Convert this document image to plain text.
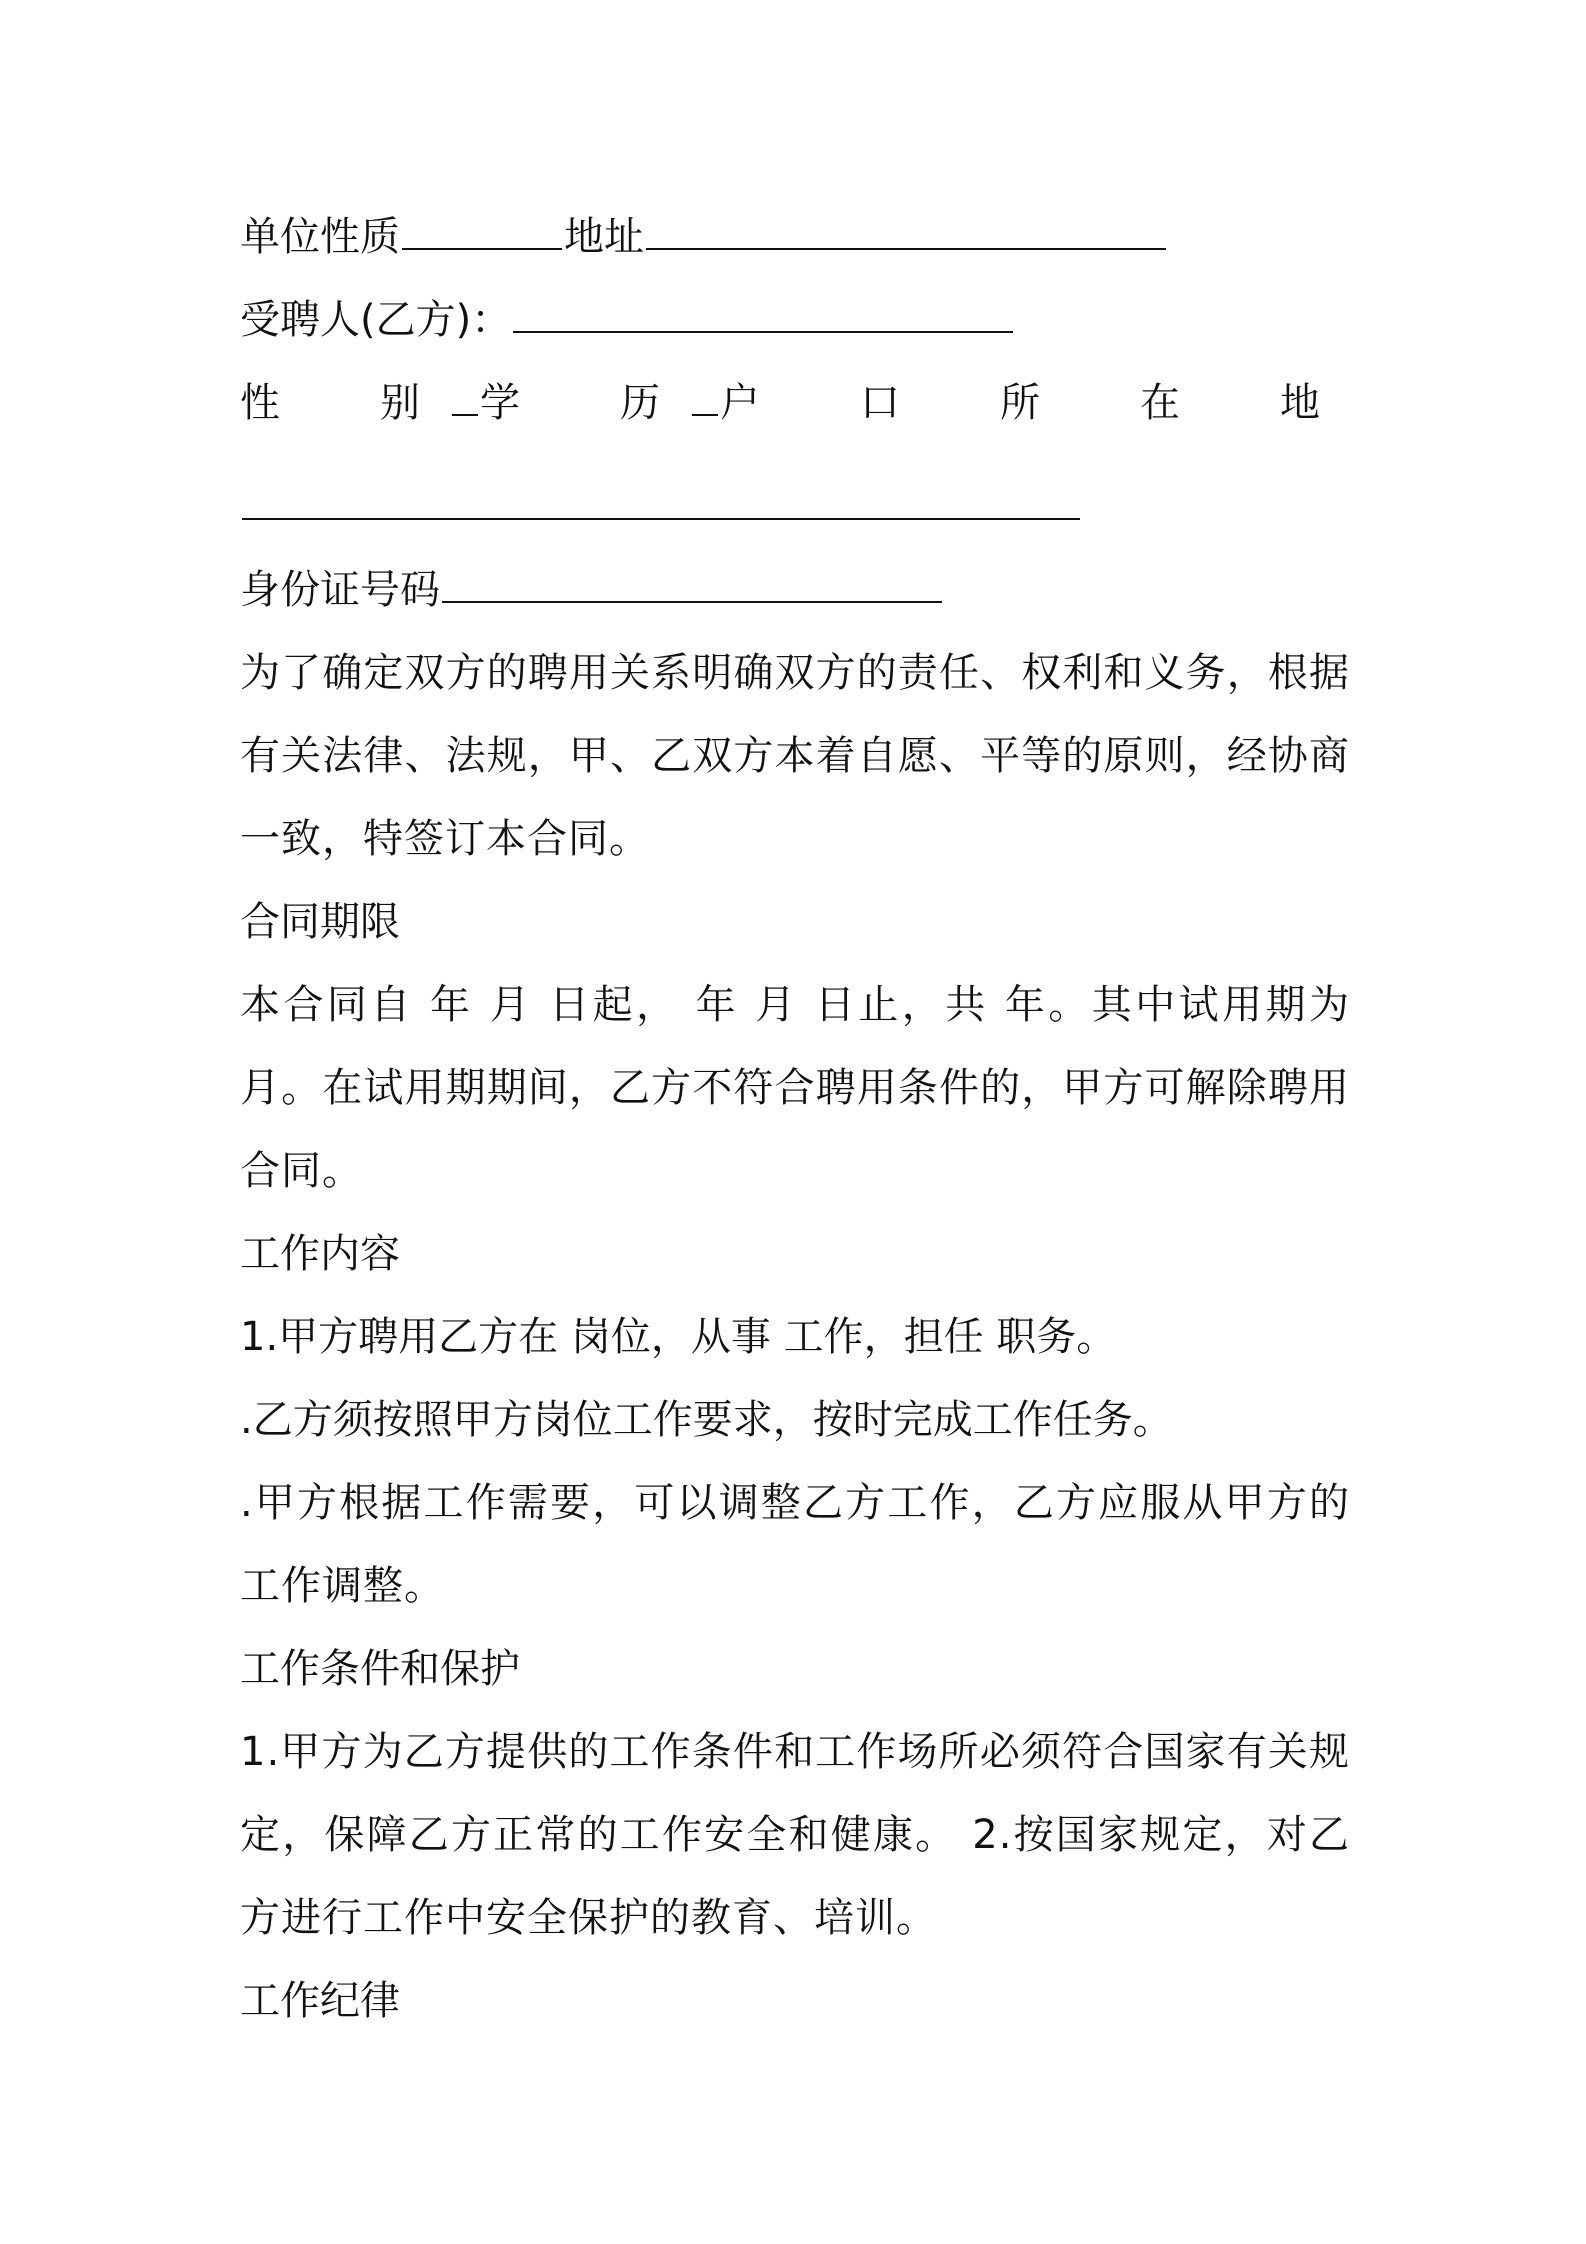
单位性质	地址
受聘人(乙方)：
性　别 学　历 户　口　所　在　地
身份证号码
为了确定双方的聘用关系明确双方的责任、权利和义务，根据有关法律、法规，甲、乙双方本着自愿、平等的原则，经协商一致，特签订本合同。
合同期限
本合同自 年 月 日起， 年 月 日止，共 年。其中试用期为 月。在试用期期间，乙方不符合聘用条件的，甲方可解除聘用合同。
工作内容
1.甲方聘用乙方在 岗位，从事 工作，担任 职务。
.乙方须按照甲方岗位工作要求，按时完成工作任务。
.甲方根据工作需要，可以调整乙方工作，乙方应服从甲方的工作调整。
工作条件和保护
1.甲方为乙方提供的工作条件和工作场所必须符合国家有关规定，保障乙方正常的工作安全和健康。 2.按国家规定，对乙方进行工作中安全保护的教育、培训。
工作纪律
